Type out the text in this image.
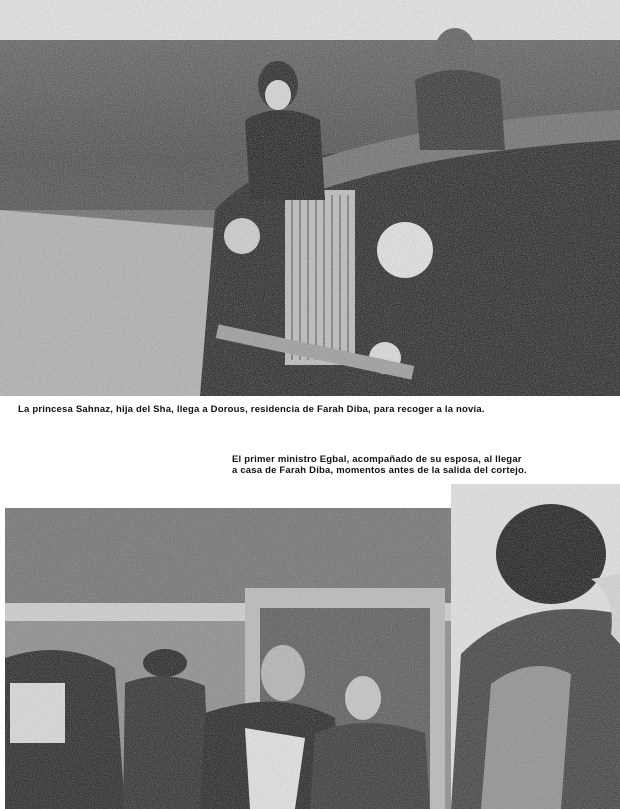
La princesa Sahnaz, hija del Sha, llega a Dorous, residencia de Farah Diba, para recoger a la novia.
El primer ministro Egbal, acompañado de su esposa, al llegar
a casa de Farah Diba, momentos antes de la salida del cortejo.
